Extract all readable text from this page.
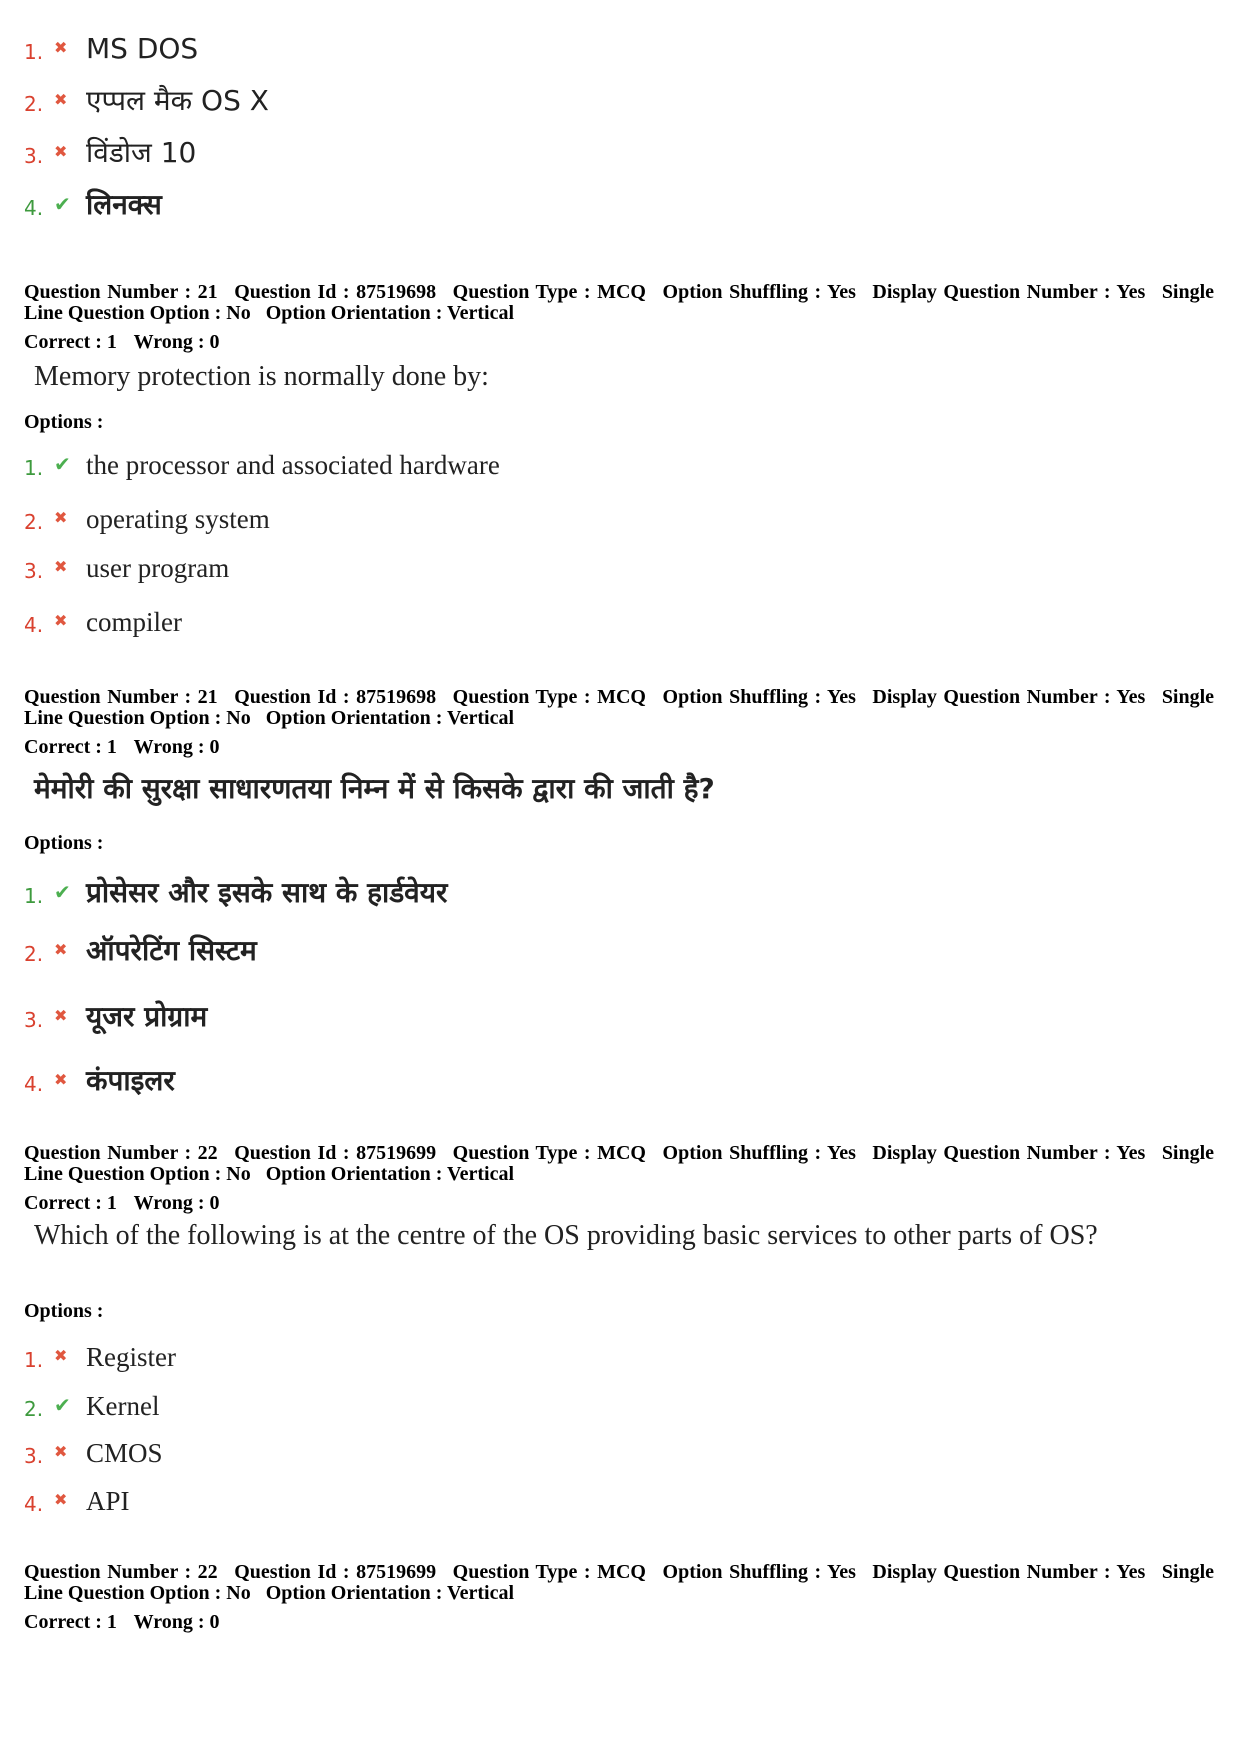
1. ✖ MS DOS
2. ✖ एप्पल मैक OS X
3. ✖ विंडोज 10
4. ✔ लिनक्स
Question Number : 21 Question Id : 87519698 Question Type : MCQ Option Shuffling : Yes Display Question Number : Yes Single Line Question Option : No Option Orientation : Vertical
Correct : 1 Wrong : 0
Memory protection is normally done by:
Options :
1. ✔ the processor and associated hardware
2. ✖ operating system
3. ✖ user program
4. ✖ compiler
Question Number : 21 Question Id : 87519698 Question Type : MCQ Option Shuffling : Yes Display Question Number : Yes Single Line Question Option : No Option Orientation : Vertical
Correct : 1 Wrong : 0
मेमोरी की सुरक्षा साधारणतया निम्न में से किसके द्वारा की जाती है?
Options :
1. ✔ प्रोसेसर और इसके साथ के हार्डवेयर
2. ✖ ऑपरेटिंग सिस्टम
3. ✖ यूजर प्रोग्राम
4. ✖ कंपाइलर
Question Number : 22 Question Id : 87519699 Question Type : MCQ Option Shuffling : Yes Display Question Number : Yes Single Line Question Option : No Option Orientation : Vertical
Correct : 1 Wrong : 0
Which of the following is at the centre of the OS providing basic services to other parts of OS?
Options :
1. ✖ Register
2. ✔ Kernel
3. ✖ CMOS
4. ✖ API
Question Number : 22 Question Id : 87519699 Question Type : MCQ Option Shuffling : Yes Display Question Number : Yes Single Line Question Option : No Option Orientation : Vertical
Correct : 1 Wrong : 0
